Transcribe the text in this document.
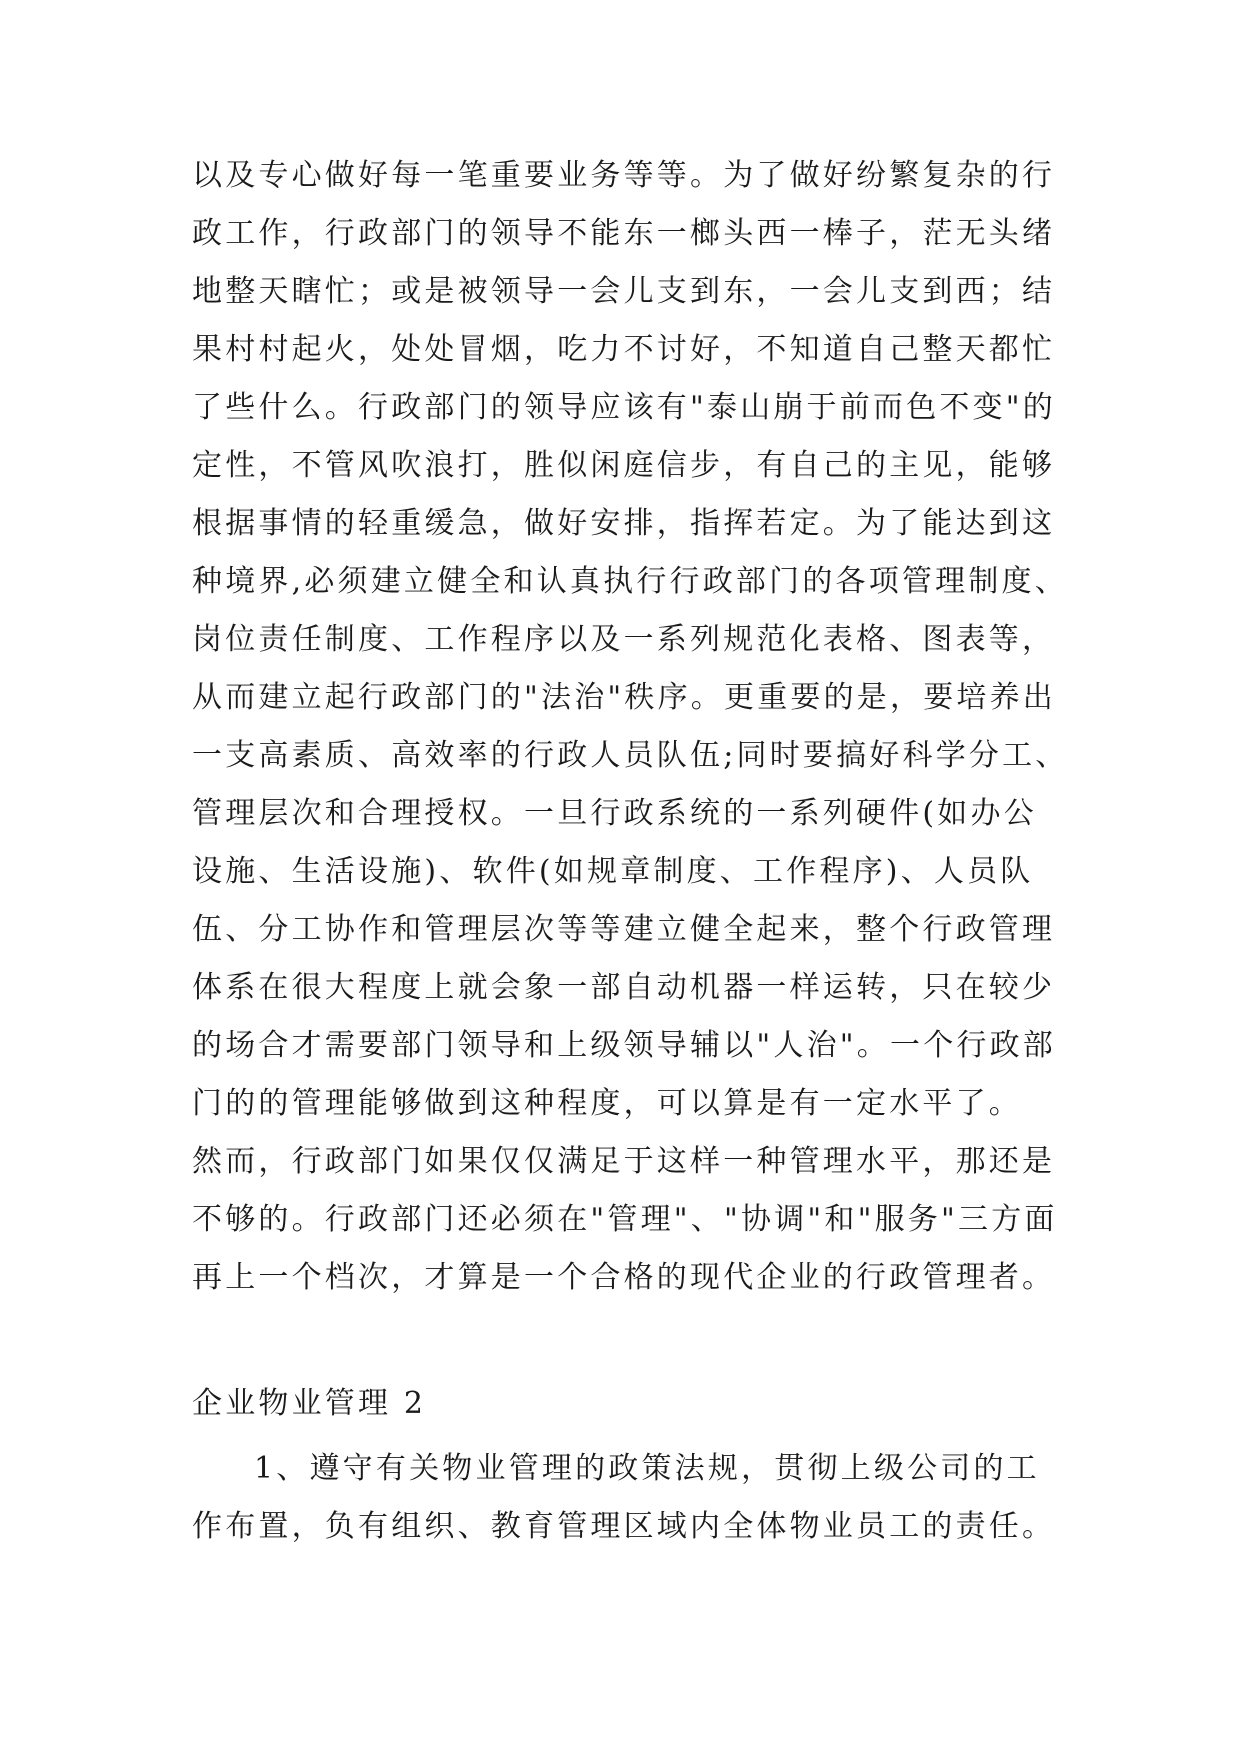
以及专心做好每一笔重要业务等等。为了做好纷繁复杂的行
政工作，行政部门的领导不能东一榔头西一棒子，茫无头绪
地整天瞎忙；或是被领导一会儿支到东，一会儿支到西；结
果村村起火，处处冒烟，吃力不讨好，不知道自己整天都忙
了些什么。行政部门的领导应该有"泰山崩于前而色不变"的
定性，不管风吹浪打，胜似闲庭信步，有自己的主见，能够
根据事情的轻重缓急，做好安排，指挥若定。为了能达到这
种境界,必须建立健全和认真执行行政部门的各项管理制度、
岗位责任制度、工作程序以及一系列规范化表格、图表等，
从而建立起行政部门的"法治"秩序。更重要的是，要培养出
一支高素质、高效率的行政人员队伍;同时要搞好科学分工、
管理层次和合理授权。一旦行政系统的一系列硬件(如办公
设施、生活设施)、软件(如规章制度、工作程序)、人员队
伍、分工协作和管理层次等等建立健全起来，整个行政管理
体系在很大程度上就会象一部自动机器一样运转，只在较少
的场合才需要部门领导和上级领导辅以"人治"。一个行政部
门的的管理能够做到这种程度，可以算是有一定水平了。
然而，行政部门如果仅仅满足于这样一种管理水平，那还是
不够的。行政部门还必须在"管理"、"协调"和"服务"三方面
再上一个档次，才算是一个合格的现代企业的行政管理者。
企业物业管理 2
1、遵守有关物业管理的政策法规，贯彻上级公司的工
作布置，负有组织、教育管理区域内全体物业员工的责任。
